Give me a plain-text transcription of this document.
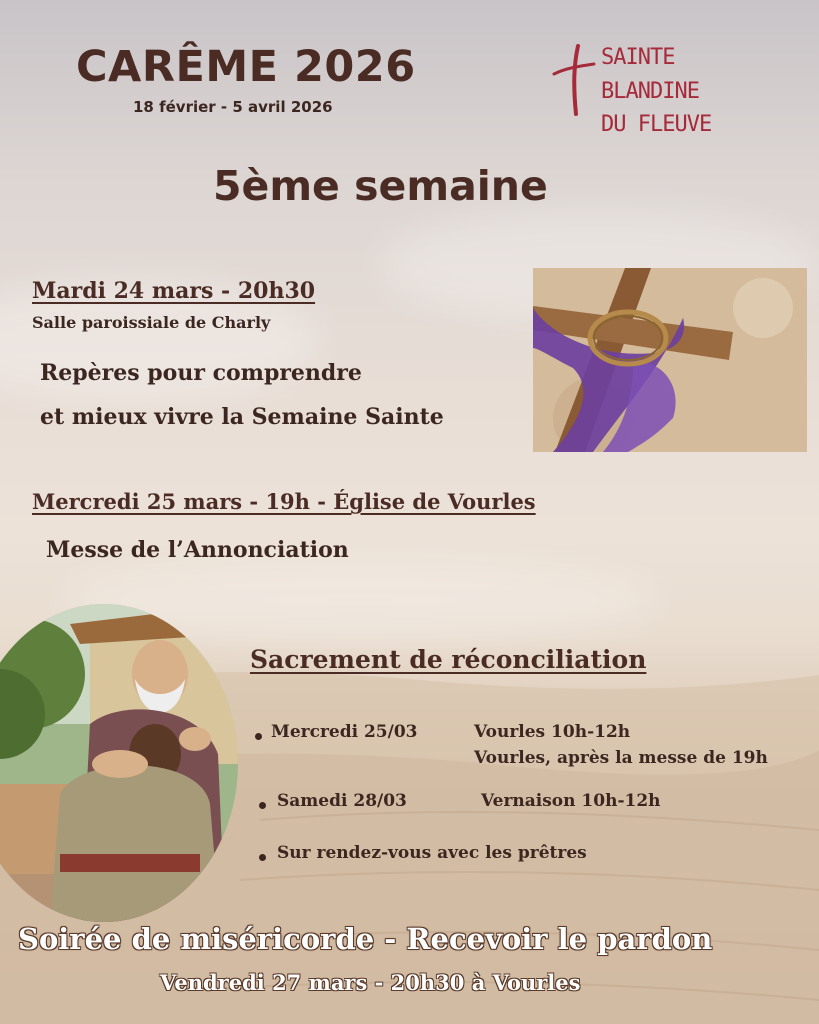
CARÊME 2026

18 février - 5 avril 2026

SAINTE
BLANDINE
DU FLEUVE
5ème semaine

Mardi 24 mars - 20h30

Salle paroissiale de Charly

Repères pour comprendre

et mieux vivre la Semaine Sainte

Mercredi 25 mars - 19h - Église de Vourles

Messe de l’Annonciation

Sacrement de réconciliation

Mercredi 25/03	Vourles 10h-12h
Vourles, après la messe de 19h
Samedi 28/03	Vernaison 10h-12h
Sur rendez-vous avec les prêtres

Soirée de miséricorde - Recevoir le pardon

Vendredi 27 mars - 20h30 à Vourles
